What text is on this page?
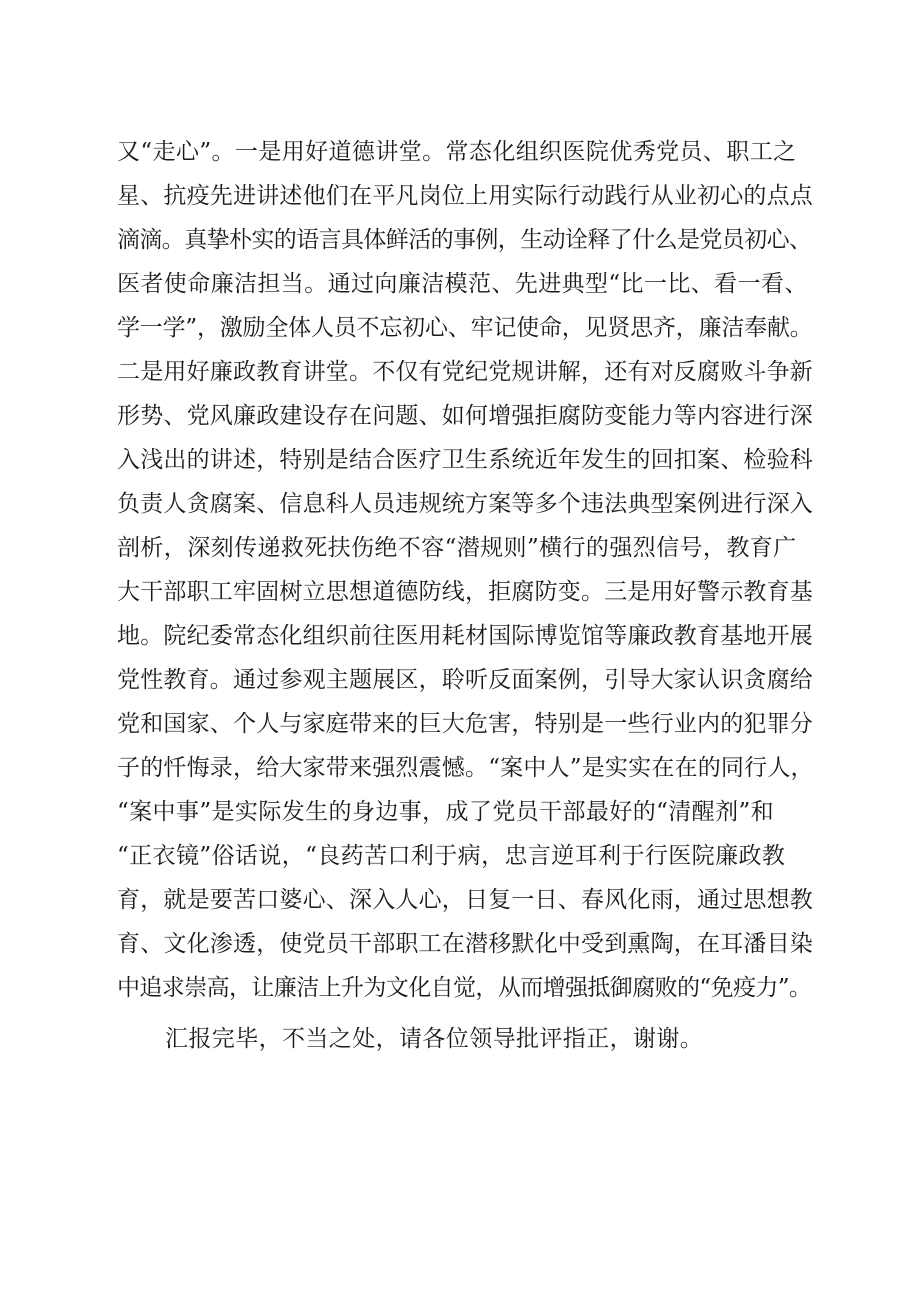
又“走心”。一是用好道德讲堂。常态化组织医院优秀党员、职工之
星、抗疫先进讲述他们在平凡岗位上用实际行动践行从业初心的点点
滴滴。真挚朴实的语言具体鲜活的事例，生动诠释了什么是党员初心、
医者使命廉洁担当。通过向廉洁模范、先进典型“比一比、看一看、
学一学”，激励全体人员不忘初心、牢记使命，见贤思齐，廉洁奉献。
二是用好廉政教育讲堂。不仅有党纪党规讲解，还有对反腐败斗争新
形势、党风廉政建设存在问题、如何增强拒腐防变能力等内容进行深
入浅出的讲述，特别是结合医疗卫生系统近年发生的回扣案、检验科
负责人贪腐案、信息科人员违规统方案等多个违法典型案例进行深入
剖析，深刻传递救死扶伤绝不容“潜规则”横行的强烈信号，教育广
大干部职工牢固树立思想道德防线，拒腐防变。三是用好警示教育基
地。院纪委常态化组织前往医用耗材国际博览馆等廉政教育基地开展
党性教育。通过参观主题展区，聆听反面案例，引导大家认识贪腐给
党和国家、个人与家庭带来的巨大危害，特别是一些行业内的犯罪分
子的忏悔录，给大家带来强烈震憾。“案中人”是实实在在的同行人，
“案中事”是实际发生的身边事，成了党员干部最好的“清醒剂”和
“正衣镜”俗话说，“良药苦口利于病，忠言逆耳利于行医院廉政教
育，就是要苦口婆心、深入人心，日复一日、春风化雨，通过思想教
育、文化渗透，使党员干部职工在潜移默化中受到熏陶，在耳潘目染
中追求崇高，让廉洁上升为文化自觉，从而增强抵御腐败的“免疫力”。
汇报完毕，不当之处，请各位领导批评指正，谢谢。
